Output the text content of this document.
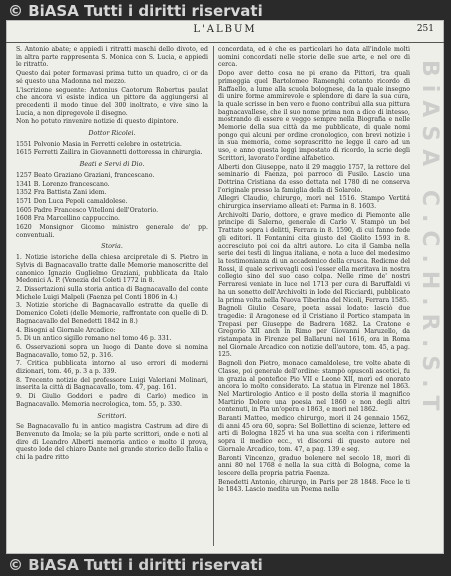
© BiASA Tutti i diritti riservati
L'ALBUM	251
BiASA C.C.H.R.S.T

S. Antonio abate; e appiedi i ritratti maschi dello divoto, ed in altra parte rappresenta S. Monica con S. Lucia, e appiedi le ritratto.

Questo dai poter formavasi prima tutto un quadro, ci or da sé questo una Madonna nel mezzo.

L'iscrizione seguente: Antonius Caotorum Robertus paulat che ancora vi esiste indica un pittore da aggiungersi al precedenti il modo tinue del 300 inoltrato, e vive sino la Lucia, a non dipregevole il disegno.

Non ho potuto rinvenire notizie di questo dipintore.

Dottor Ricolei.

1551 Polvonio Masia in Ferretti celebre in ostetricia.

1615 Ferretti Zailira in Giovannetti dottoressa in chirurgia.

Beati e Servi di Dio.

1257 Beato Graziano Graziani, francescano.

1341 B. Lorenzo francescano.

1352 Fra Battista Zani idem.

1571 Don Luca Pepoli camaldolese.

1605 Padre Francesco Vitelloni dell'Oratorio.

1608 Fra Marcellino cappuccino.

1620 Monsignor Gicomo ministro generale de' pp. conventuali.

Storia.

1. Notizie istoriche della chiesa arcipretale di S. Pietro in Sylvis di Bagnacavallo tratte dalle Memorie manoscritte del canonico Ignazio Guglielmo Graziani, pubblicata da Italo Medonici A. P. (Venezia del Coleti 1772 in 8.

2. Dissertazioni sulla storia antica di Bagnacavallo del conte Michele Luigi Malpeli (Faenza pel Conti 1806 in 4.)

3. Notizie storiche di Bagnacavallo estratte da quelle di Domenico Coleti (delle Memorie, raffrontate con quelle di D. Bagnacavallo del Benedetti 1842 in 8.)

4. Bisogni al Giornale Arcadico:

5. Di un antico sigillo romano nel tomo 46 p. 331.

6. Osservazioni sopra un luogo di Dante dove si nomina Bagnacavallo, tomo 52, p. 316.

7. Critica pubblicata intorno al uso errori di moderni dizionari, tom. 46, p. 3 a p. 339.

8. Trecento notizie del professore Luigi Valeriani Molinari, inserita la città di Bagnacavallo, tom. 47, pag. 161.

9. Di Giulio Goddori e padre di Carlo) medico in Bagnacavallo. Memoria necrologica, tom. 55, p. 330.

Scrittori.

Se Bagnacavallo fu in antico magistra Castrum ad dire di Benvenuto da Imola; se la più parte scrittori, onde e noti al dire di Leandro Alberti memoria antico e molto il prova, questo lode del chiaro Dante nel grande storico dello Italia e chi la padre ritto

concordata, ed è che es particolari ho data all'indole molti uomini concordati nelle storie delle sue arte, e nel ore di cerca.

Dopo aver detto cosa ne pi erano da Pittori, tra quali primeggia quel Bartolomeo Ramenghi cotanto ricordo di Raffaello, a lume alla scuola bolognese, da la quale insegno di unire forme ammirevole e splendore di dare la sua cura, la quale scrisse in ben vero e fuono contribuì alla sua pittura bagnacavallese, che il suo nome prima non a dico di intesso, mostrando di essere e veggo sempre nella Biografia e nelle Memorie della sua città da me pubblicate, di quale nomi pongo qui alcuni per ordine cronologico, con brevi notizie i in sua memoria, come soprascritto ne legge il caro ad un uso, e anno questa leggi impostato di ricordo, la scrie degli Scrittori, lavorato l'ordine alfabetico.

Alberti don Giuseppe, nato il 29 maggio 1757, la rettore del seminario di Faenza, poi parroco di Fusilo. Lascio una Dottrina Cristiana da esso dettata nel 1780 di ne conserva l'originale presso la famiglia della di Solarolo.

Allegri Claudio, chirurgo, mori nel 1516. Stampo Vertitá chirurgica inserviamo alleati et: Parma in 8. 1603.

Archivolti Dario, dottore, e grave medico di Piemonte alle principe di Salerno, generale di Carlo V. Stampò un bel Trattato sopra i delitti, Ferrara in 8. 1590, di cui fanno fede gli editori. Il Fontanini cita giusto del Giolito 1593 in 8. accresciuto poi coi da altri autore. Lo cita il Gamba nella serie dei testi di lingua italiana, e nota a luce del medesimo la testimonianza di un accademico della crusca. Redicme del Rossi, il quale scrivevagli così l'esser ella meritava in nostra collegio sino del suo caso colpa. Nelle rime de' nostri Ferraresi veniate in luce nel 1713 per cura di Baruffaldi vi ha un sonetto dell'Archivolti in lode del Ricciardi, pubblicato la prima volta nella Nuova Tiberina del Nicoli, Ferrara 1585.

Bagnoli Giulio Cesare, poeta assai lodato: lasciò due tragedie: il Aragonese ed il Cristiano il Portico stampata in Trepasi per Giuseppe de Badrera 1682. La Cratone e Gregorio XII anch in Rimo per Giovanni Maruzello, da ristampata in Firenze pel Ballaruni nel 1616, ora in Roma nel Giornale Arcadico con notizie dell'autore, tom. 45, a pag. 125.

Bagnoli don Pietro, monaco camaldolese, tre volte abate di Classe, poi generale dell'ordine: stampò opuscoli ascetici, fu in grazia al pontefice Pio VII e Leone XII, morì ed onorato ancora lo molto considerato. La statua in Firenze nel 1863. Nel Martirologio Antico e il posto della storia il magnifico Martirio Dolore una poesia nel 1860 e non degli altri contenuti, in Pia un'opera e 1863, e morì nel 1862.

Baranti Matteo, medico chirurgo, morì il 24 gennaio 1562, di anni 45 ora 60, sopra: Sel Bollettino di scienze, lettere ed arti di Bologna 1825 vi ha una sua scelta con i riferimenti sopra il medico ecc., vi discorsi di questo autore nel Giornale Arcadico, tom. 47, a pag. 139 e seg.

Baronti Vincenzo, graduo bolenere nel secolo 18, morì di anni 80 nel 1768 e nella la sua città di Bologna, come la lescere della propria patria Faenza.

Benedetti Antonio, chirurgo, in Paris per 28 1848. Fece le ti le 1843. Lascio medita un Poema nella

© BiASA Tutti i diritti riservati
